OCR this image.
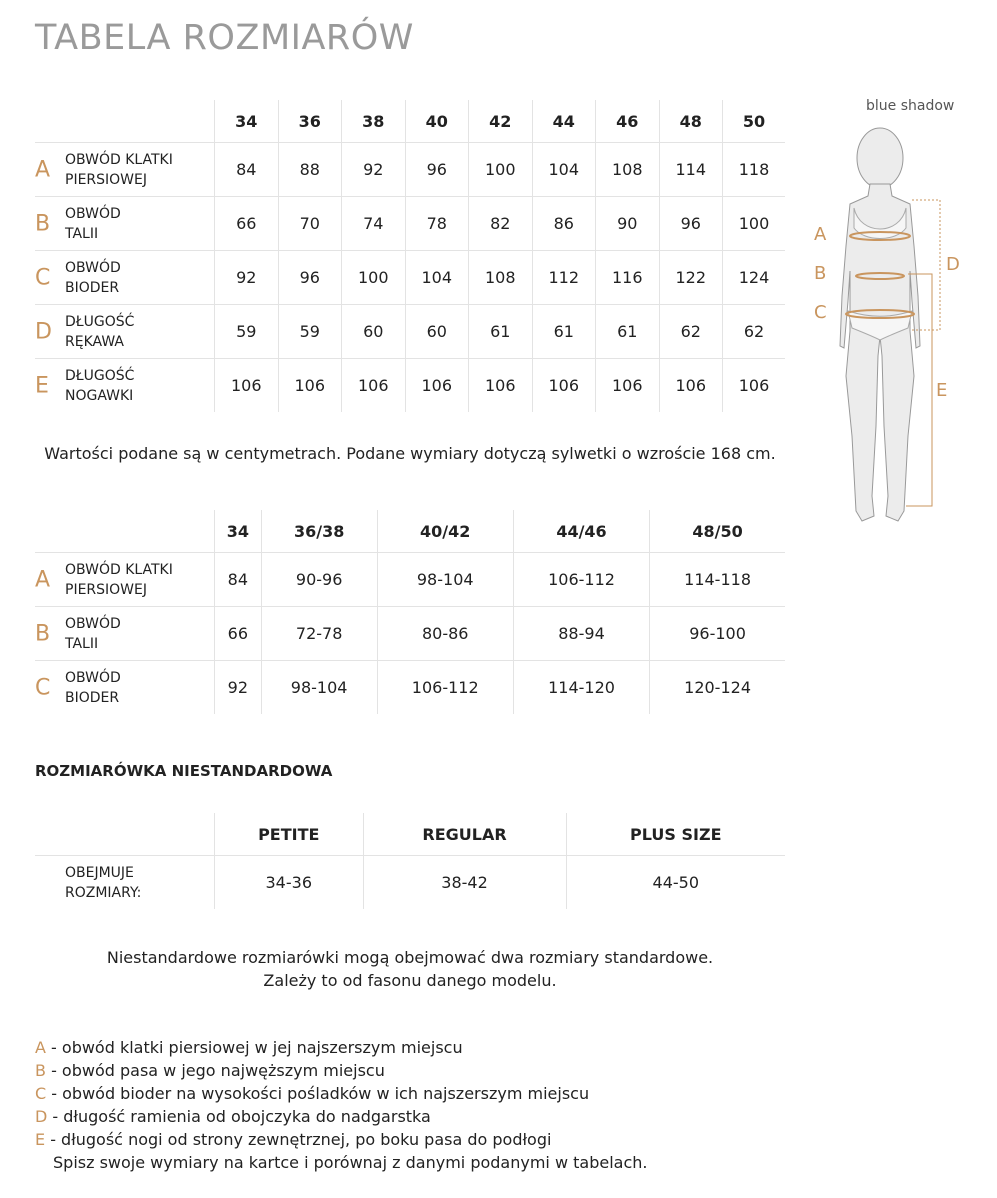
TABELA ROZMIARÓW
	34	36	38	40	42	44	46	48	50

A OBWÓD KLATKI
PIERSIOWEJ	84	88	92	96	100	104	108	114	118

B OBWÓD
TALII	66	70	74	78	82	86	90	96	100

C OBWÓD
BIODER	92	96	100	104	108	112	116	122	124

D DŁUGOŚĆ
RĘKAWA	59	59	60	60	61	61	61	62	62

E DŁUGOŚĆ
NOGAWKI	106	106	106	106	106	106	106	106	106
Wartości podane są w centymetrach. Podane wymiary dotyczą sylwetki o wzroście 168 cm.
	34	36/38	40/42	44/46	48/50

A OBWÓD KLATKI
PIERSIOWEJ	84	90-96	98-104	106-112	114-118

B OBWÓD
TALII	66	72-78	80-86	88-94	96-100

C OBWÓD
BIODER	92	98-104	106-112	114-120	120-124
ROZMIARÓWKA NIESTANDARDOWA
	PETITE	REGULAR	PLUS SIZE

OBEJMUJE
ROZMIARY:	34-36	38-42	44-50
Niestandardowe rozmiarówki mogą obejmować dwa rozmiary standardowe.
Zależy to od fasonu danego modelu.
A - obwód klatki piersiowej w jej najszerszym miejscu
B - obwód pasa w jego najwęższym miejscu
C - obwód bioder na wysokości pośladków w ich najszerszym miejscu
D - długość ramienia od obojczyka do nadgarstka
E - długość nogi od strony zewnętrznej, po boku pasa do podłogi
Spisz swoje wymiary na kartce i porównaj z danymi podanymi w tabelach.
blue shadow
A
B
C
D
E
